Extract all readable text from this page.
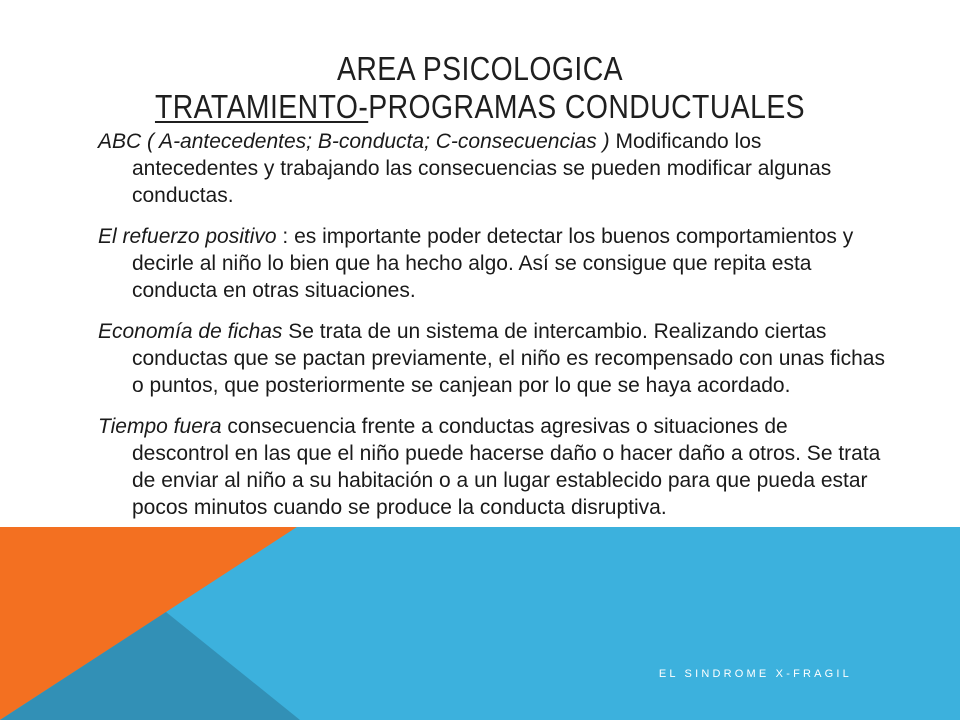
AREA PSICOLOGICA
TRATAMIENTO-PROGRAMAS CONDUCTUALES

ABC ( A-antecedentes; B-conducta; C-consecuencias ) Modificando los antecedentes y trabajando las consecuencias se pueden modificar algunas conductas.

El refuerzo positivo : es importante poder detectar los buenos comportamientos y decirle al niño lo bien que ha hecho algo. Así se consigue que repita esta conducta en otras situaciones.

Economía de fichas Se trata de un sistema de intercambio. Realizando ciertas conductas que se pactan previamente, el niño es recompensado con unas fichas o puntos, que posteriormente se canjean por lo que se haya acordado.

Tiempo fuera consecuencia frente a conductas agresivas o situaciones de descontrol en las que el niño puede hacerse daño o hacer daño a otros. Se trata de enviar al niño a su habitación o a un lugar establecido para que pueda estar pocos minutos cuando se produce la conducta disruptiva.

EL SINDROME X-FRAGIL
